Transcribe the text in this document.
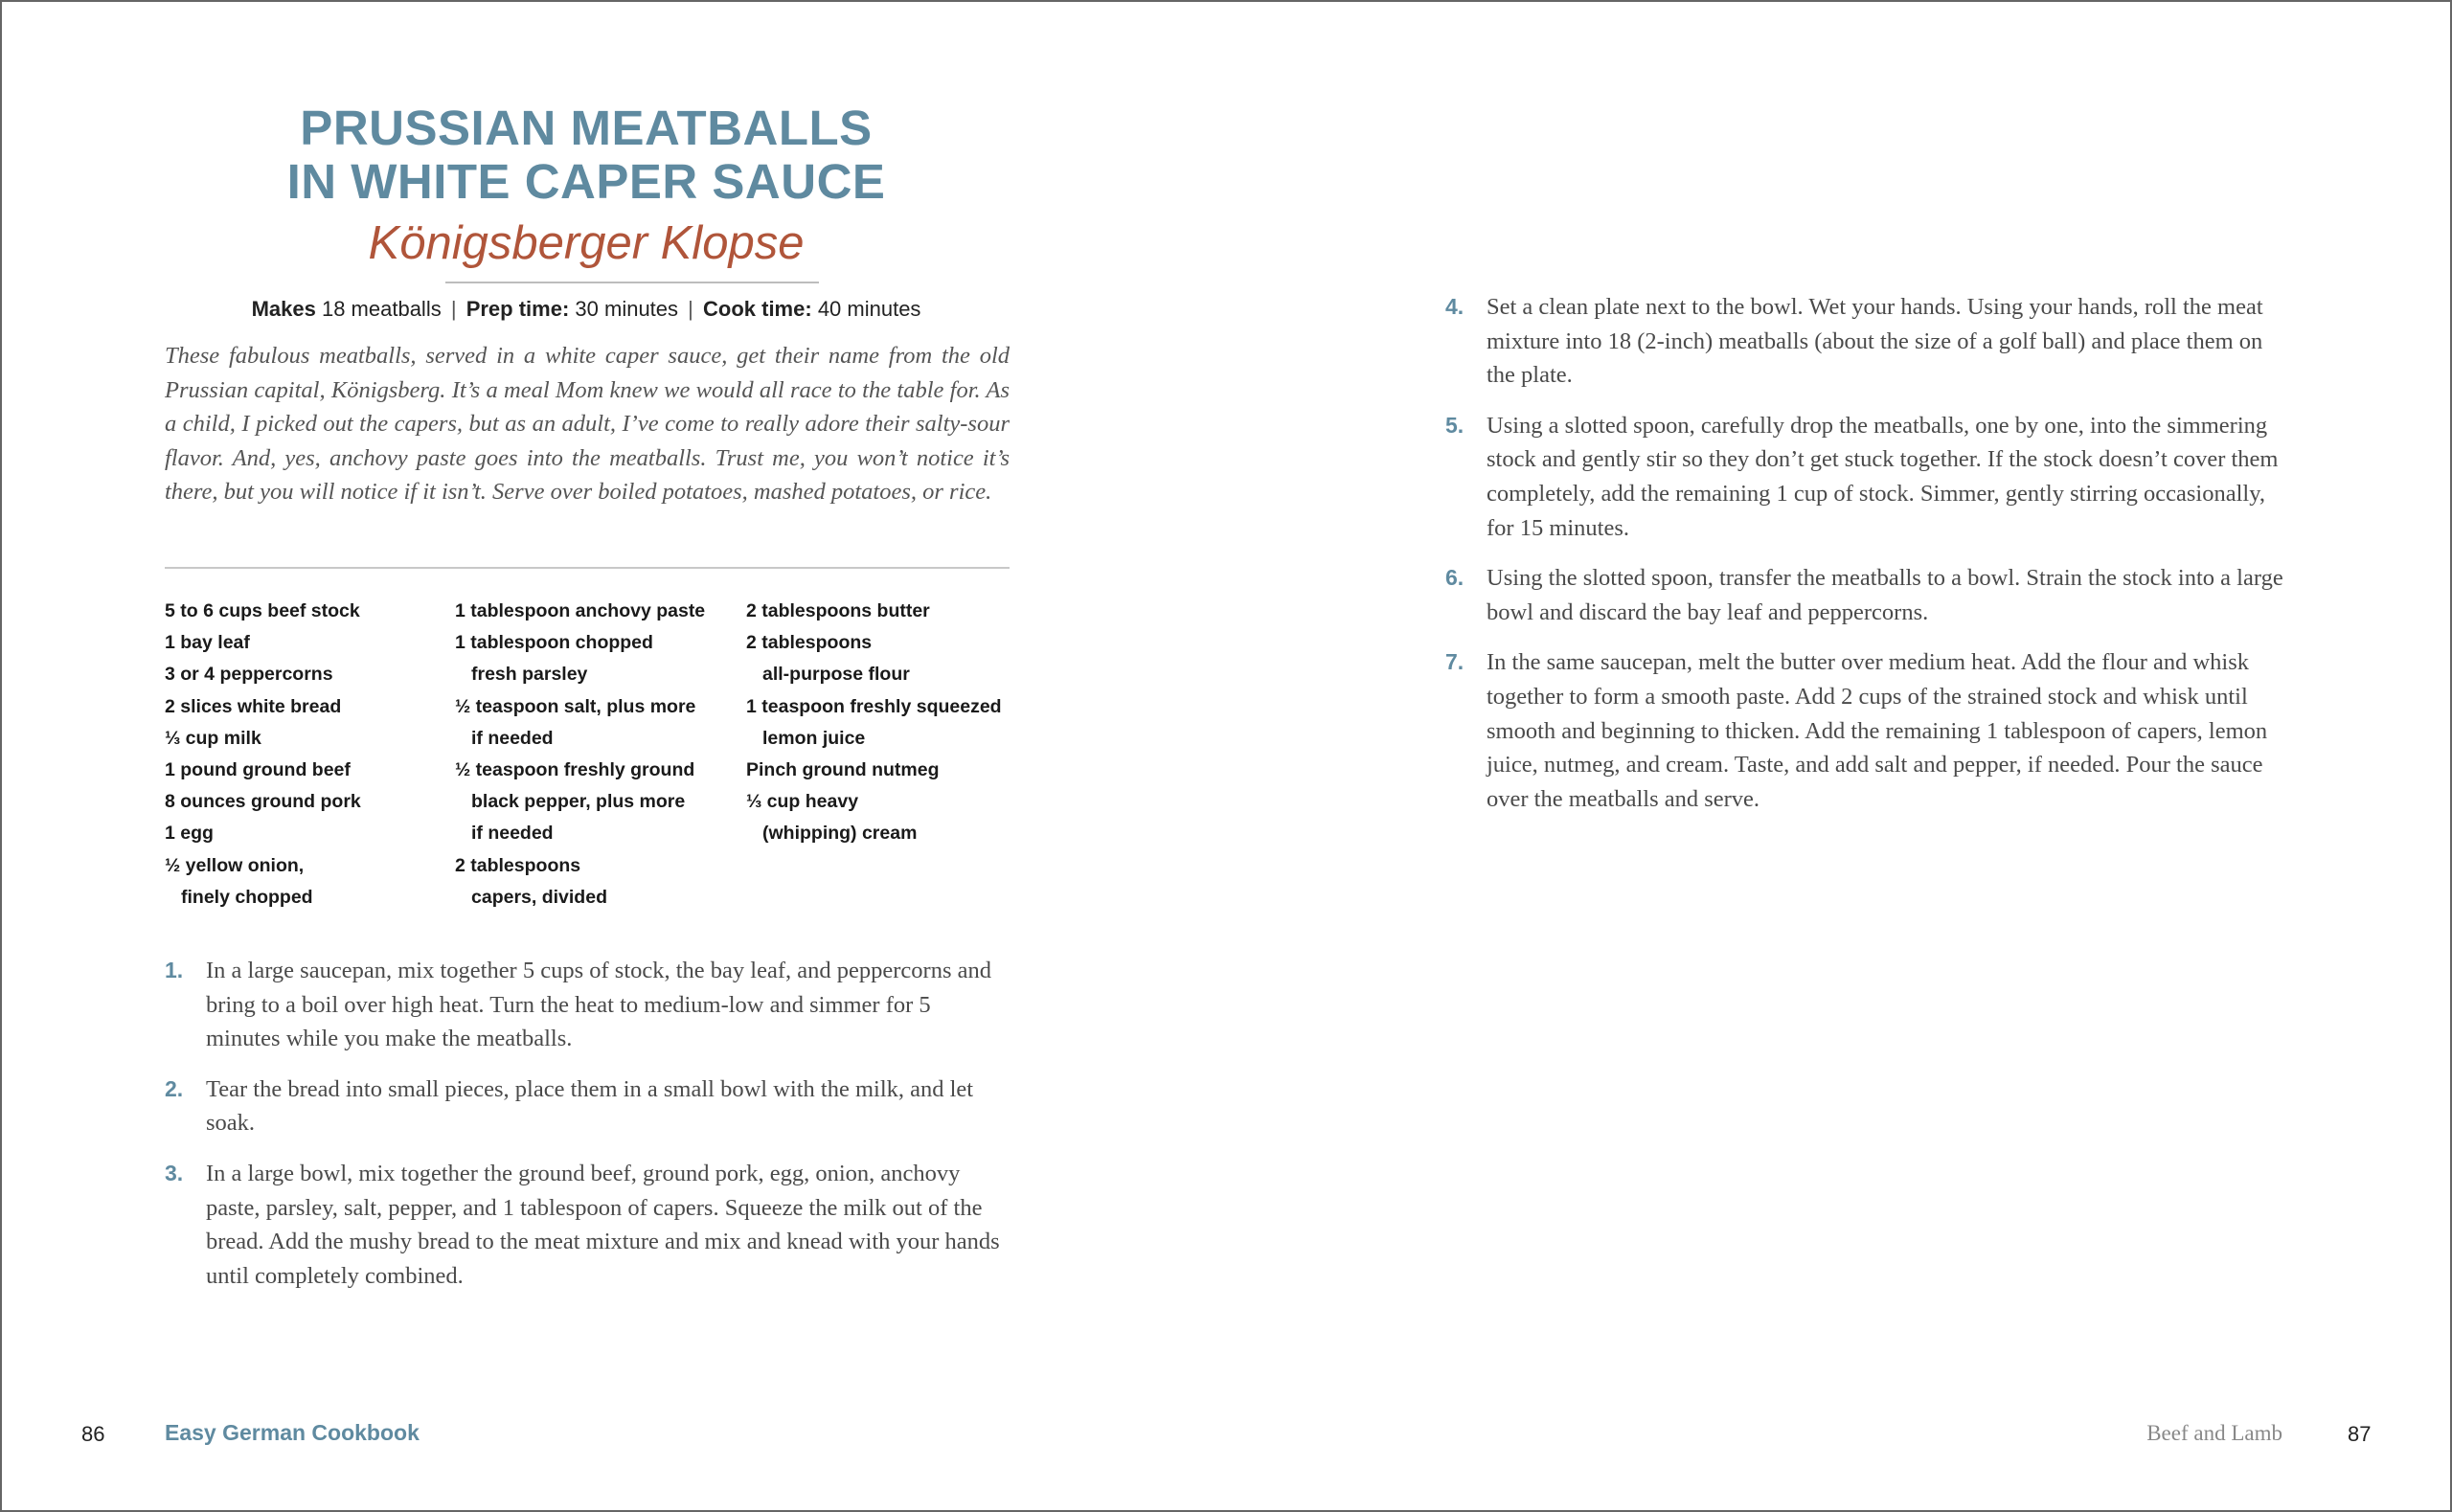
PRUSSIAN MEATBALLS
IN WHITE CAPER SAUCE
Königsberger Klopse
Makes 18 meatballs | Prep time: 30 minutes | Cook time: 40 minutes
These fabulous meatballs, served in a white caper sauce, get their name from the old Prussian capital, Königsberg. It’s a meal Mom knew we would all race to the table for. As a child, I picked out the capers, but as an adult, I’ve come to really adore their salty-sour flavor. And, yes, anchovy paste goes into the meatballs. Trust me, you won’t notice it’s there, but you will notice if it isn’t. Serve over boiled potatoes, mashed potatoes, or rice.
5 to 6 cups beef stock
1 bay leaf
3 or 4 peppercorns
2 slices white bread
⅓ cup milk
1 pound ground beef
8 ounces ground pork
1 egg
½ yellow onion,
finely chopped
1 tablespoon anchovy paste
1 tablespoon chopped
fresh parsley
½ teaspoon salt, plus more
if needed
½ teaspoon freshly ground
black pepper, plus more
if needed
2 tablespoons
capers, divided
2 tablespoons butter
2 tablespoons
all-purpose flour
1 teaspoon freshly squeezed
lemon juice
Pinch ground nutmeg
⅓ cup heavy
(whipping) cream
1. In a large saucepan, mix together 5 cups of stock, the bay leaf, and peppercorns and bring to a boil over high heat. Turn the heat to medium-low and simmer for 5 minutes while you make the meatballs.
2. Tear the bread into small pieces, place them in a small bowl with the milk, and let soak.
3. In a large bowl, mix together the ground beef, ground pork, egg, onion, anchovy paste, parsley, salt, pepper, and 1 tablespoon of capers. Squeeze the milk out of the bread. Add the mushy bread to the meat mixture and mix and knead with your hands until completely combined.
4. Set a clean plate next to the bowl. Wet your hands. Using your hands, roll the meat mixture into 18 (2-inch) meatballs (about the size of a golf ball) and place them on the plate.
5. Using a slotted spoon, carefully drop the meatballs, one by one, into the simmering stock and gently stir so they don’t get stuck together. If the stock doesn’t cover them completely, add the remaining 1 cup of stock. Simmer, gently stirring occasionally, for 15 minutes.
6. Using the slotted spoon, transfer the meatballs to a bowl. Strain the stock into a large bowl and discard the bay leaf and peppercorns.
7. In the same saucepan, melt the butter over medium heat. Add the flour and whisk together to form a smooth paste. Add 2 cups of the strained stock and whisk until smooth and beginning to thicken. Add the remaining 1 tablespoon of capers, lemon juice, nutmeg, and cream. Taste, and add salt and pepper, if needed. Pour the sauce over the meatballs and serve.
86	Easy German Cookbook	Beef and Lamb	87
